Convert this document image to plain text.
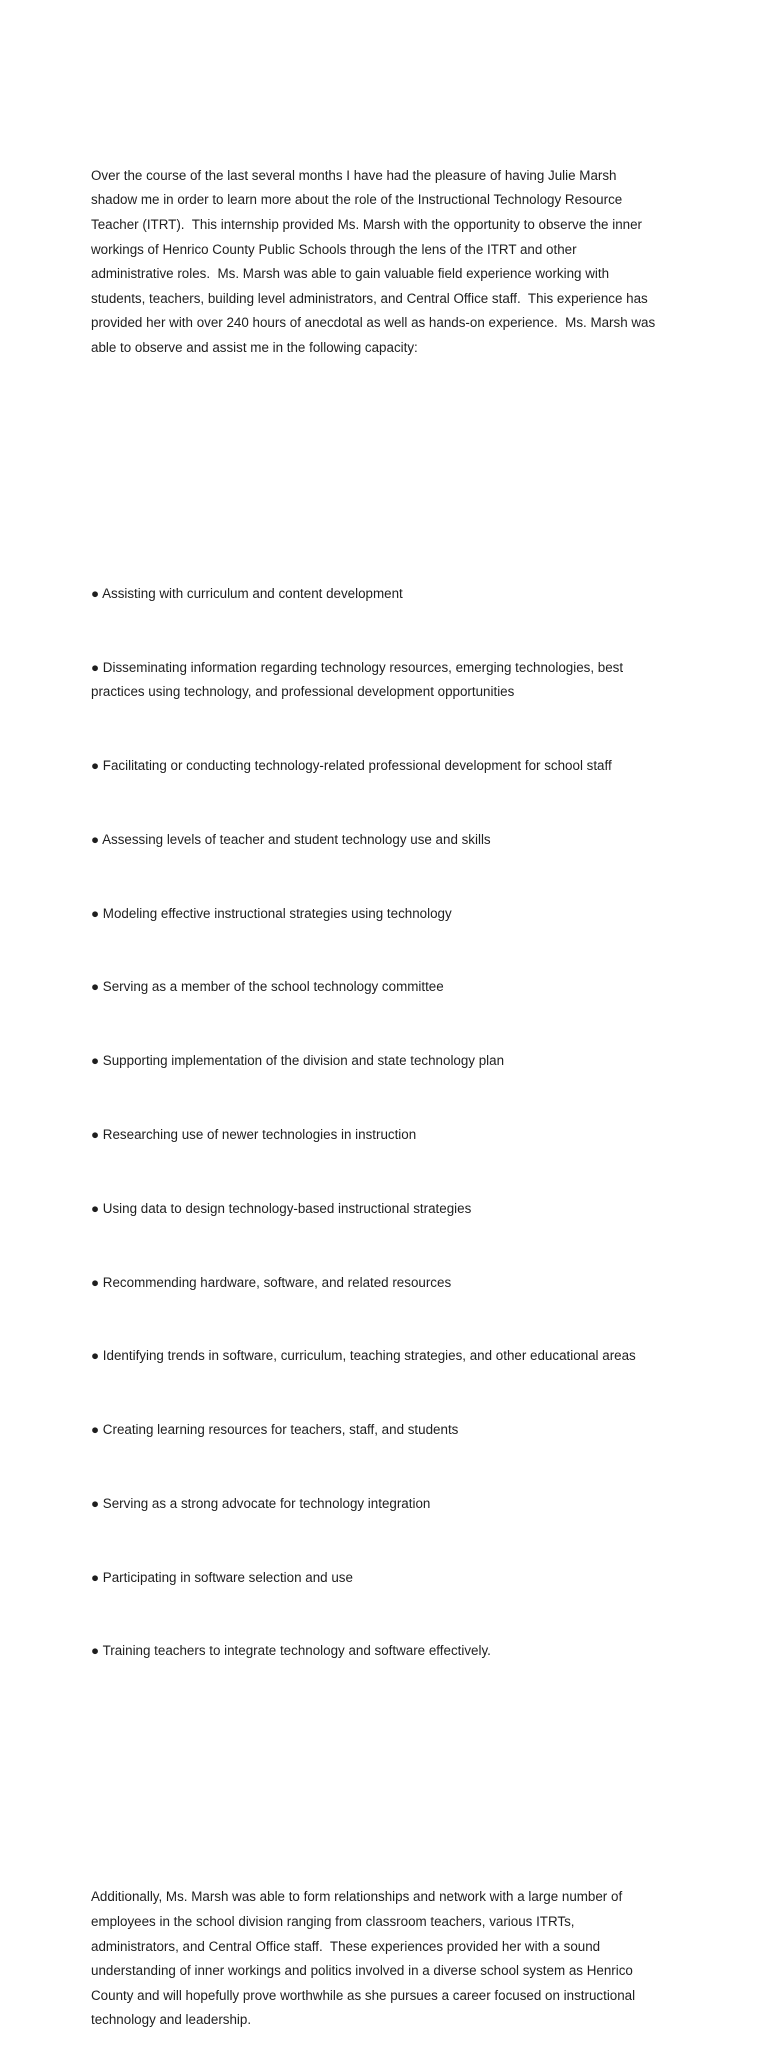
Over the course of the last several months I have had the pleasure of having Julie Marsh
shadow me in order to learn more about the role of the Instructional Technology Resource
Teacher (ITRT).  This internship provided Ms. Marsh with the opportunity to observe the inner
workings of Henrico County Public Schools through the lens of the ITRT and other
administrative roles.  Ms. Marsh was able to gain valuable field experience working with
students, teachers, building level administrators, and Central Office staff.  This experience has
provided her with over 240 hours of anecdotal as well as hands-on experience.  Ms. Marsh was
able to observe and assist me in the following capacity:

● Assisting with curriculum and content development

● Disseminating information regarding technology resources, emerging technologies, best
practices using technology, and professional development opportunities

● Facilitating or conducting technology-related professional development for school staff

● Assessing levels of teacher and student technology use and skills

● Modeling effective instructional strategies using technology

● Serving as a member of the school technology committee

● Supporting implementation of the division and state technology plan

● Researching use of newer technologies in instruction

● Using data to design technology-based instructional strategies

● Recommending hardware, software, and related resources

● Identifying trends in software, curriculum, teaching strategies, and other educational areas

● Creating learning resources for teachers, staff, and students

● Serving as a strong advocate for technology integration

● Participating in software selection and use

● Training teachers to integrate technology and software effectively.

Additionally, Ms. Marsh was able to form relationships and network with a large number of
employees in the school division ranging from classroom teachers, various ITRTs,
administrators, and Central Office staff.  These experiences provided her with a sound
understanding of inner workings and politics involved in a diverse school system as Henrico
County and will hopefully prove worthwhile as she pursues a career focused on instructional
technology and leadership.
